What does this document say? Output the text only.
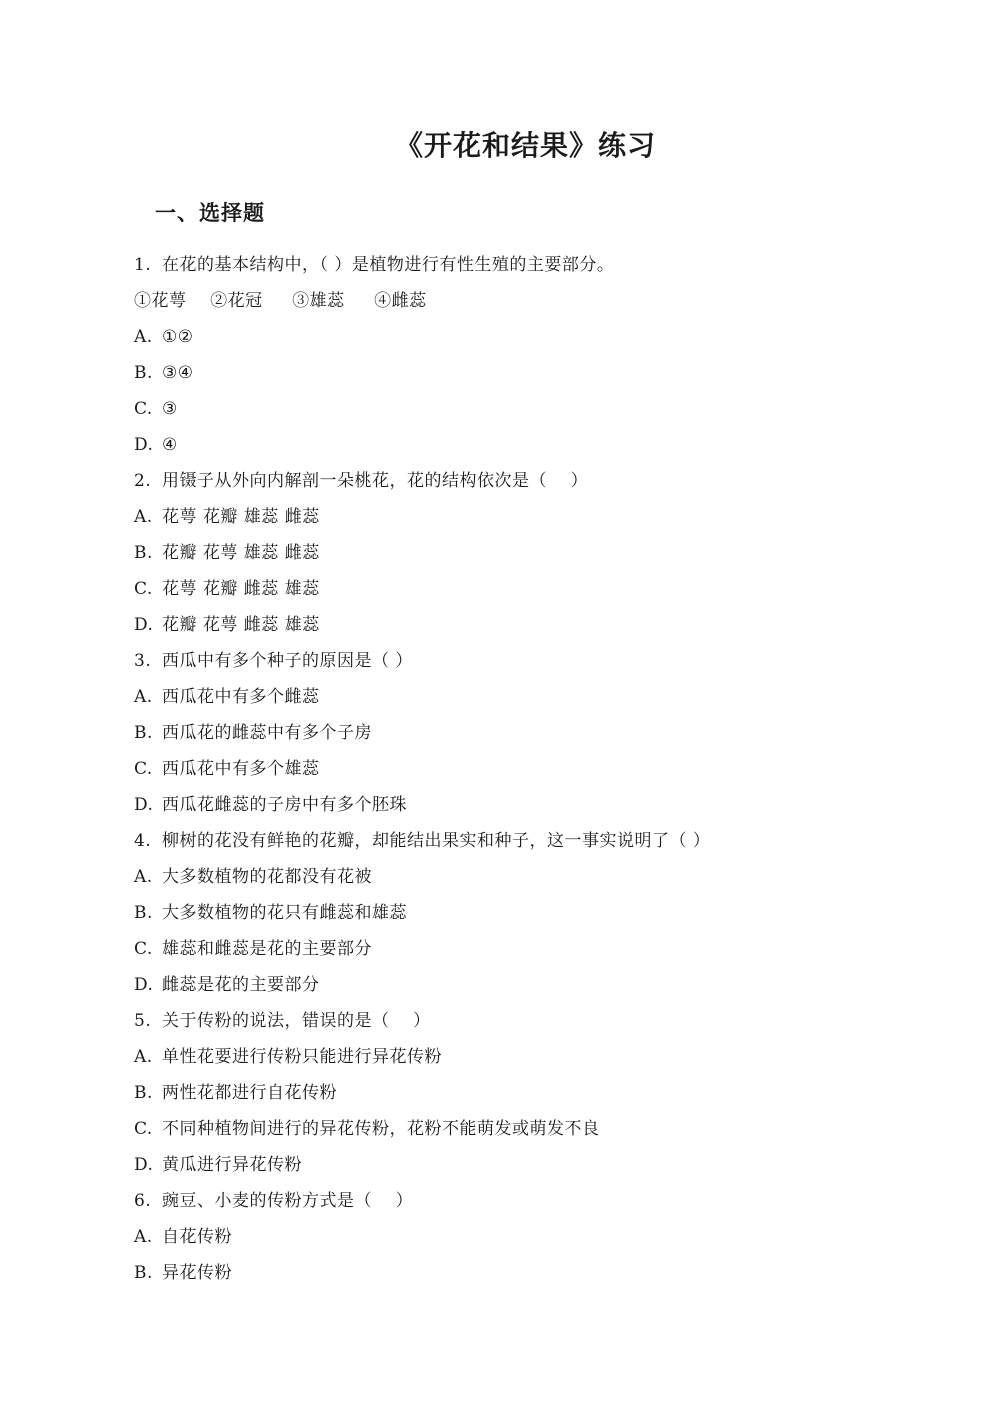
《开花和结果》练习
一、选择题
1. 在花的基本结构中，（ ）是植物进行有性生殖的主要部分。
①花萼    ②花冠     ③雄蕊     ④雌蕊
A. ①②
B. ③④
C. ③
D. ④
2. 用镊子从外向内解剖一朵桃花，花的结构依次是（    ）
A. 花萼 花瓣 雄蕊 雌蕊
B. 花瓣 花萼 雄蕊 雌蕊
C. 花萼 花瓣 雌蕊 雄蕊
D. 花瓣 花萼 雌蕊 雄蕊
3. 西瓜中有多个种子的原因是（ ）
A. 西瓜花中有多个雌蕊
B. 西瓜花的雌蕊中有多个子房
C. 西瓜花中有多个雄蕊
D. 西瓜花雌蕊的子房中有多个胚珠
4. 柳树的花没有鲜艳的花瓣，却能结出果实和种子，这一事实说明了（ ）
A. 大多数植物的花都没有花被
B. 大多数植物的花只有雌蕊和雄蕊
C. 雄蕊和雌蕊是花的主要部分
D. 雌蕊是花的主要部分
5. 关于传粉的说法，错误的是（    ）
A. 单性花要进行传粉只能进行异花传粉
B. 两性花都进行自花传粉
C. 不同种植物间进行的异花传粉，花粉不能萌发或萌发不良
D. 黄瓜进行异花传粉
6. 豌豆、小麦的传粉方式是（    ）
A. 自花传粉
B. 异花传粉
